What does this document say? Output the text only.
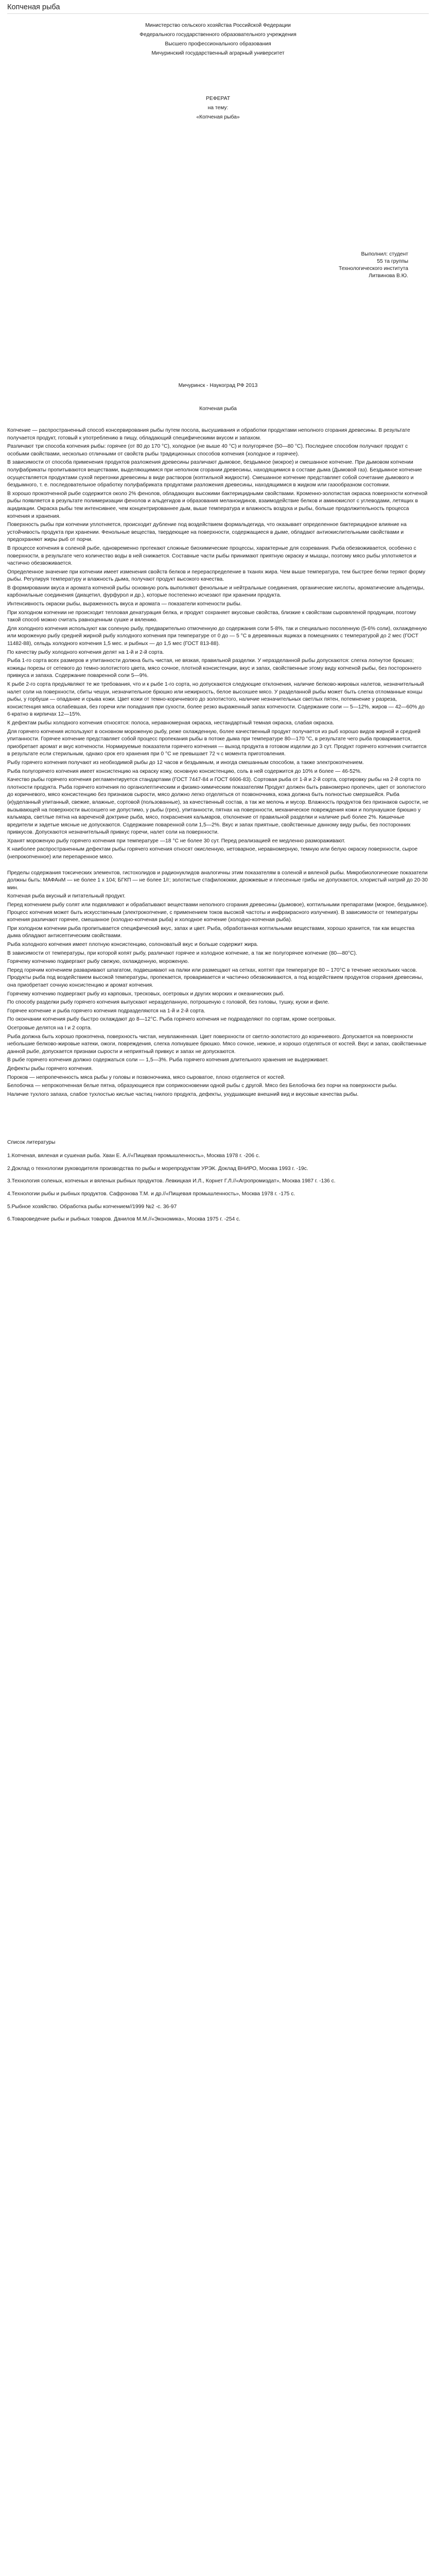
Копченая рыба
Министерство сельского хозяйства Российской Федерации
Федерального государственного образовательного учреждения
Высшего профессионального образования
Мичуринский государственный аграрный университет
РЕФЕРАТ
на тему:
«Копченая рыба»
Выполнил: студент
55 та группы
Технологического института
Литвинова В.Ю.
Мичуринск - Наукоград РФ 2013
Копченая рыба

Копчение — распространенный способ консервирования рыбы путем посола, высушивания и обработки продуктами неполного сгорания древесины. В результате получается продукт, готовый к употреблению в пищу, обладающий специфическими вкусом и запахом.

Различают три способа копчения рыбы: горячее (от 80 до 170 °С), холодное (не выше 40 °С) и полугорячее (50—80 °С). Последнее способом получают продукт с особыми свойствами, несколько отличными от свойств рыбы традиционных способов копчения (холодное и горячее).

В зависимости от способа применения продуктов разложения древесины различают дымовое, бездымное (мокрое) и смешанное копчение. При дымовом копчении полуфабрикаты пропитываются веществами, выделяющимися при неполном сгорании древесины, находящимися в составе дыма (Дымовой газ). Бездымное копчение осуществляется продуктами сухой перегонки древесины в виде растворов (коптильной жидкости). Смешанное копчение представляет собой сочетание дымового и бездымного, т. е. последовательное обработку полуфабриката продуктами разложения древесины, находящимися в жидком или газообразном состоянии.

В хорошо прокопченной рыбе содержится около 2% фенолов, обладающих высокими бактерицидными свойствами. Кроменно-золотистая окраска поверхности копченой рыбы появляется в результате полимеризации фенолов и альдегидов и образования меланоидинов, взаимодействие белков и аминокислот с углеводами, летящих в ацидиации. Окраска рыбы тем интенсивнее, чем концентрированнее дым, выше температура и влажность воздуха и рыбы, больше продолжительность процесса копчения и хранения.

Поверхность рыбы при копчении уплотняется, происходит дубление под воздействием формальдегида, что оказывает определенное бактерицидное влияние на устойчивость продукта при хранении. Фенольные вещества, твердеющие на поверхности, содержащиеся в дыме, обладают антиокислительными свойствами и предохраняют жиры рыб от порчи.

В процессе копчения в соленой рыбе, одновременно протекают сложные биохимические процессы, характерные для созревания. Рыба обезвоживается, особенно с поверхности, в результате чего количество воды в ней снижается. Составные части рыбы принимают приятную окраску и мышцы, поэтому мясо рыбы уплотняется и частично обезвоживается.

Определенное значение при копчении имеет изменения свойств белков и перераспределение в тканях жира. Чем выше температура, тем быстрее белки теряют форму рыбы. Регулируя температуру и влажность дыма, получают продукт высокого качества.

В формировании вкуса и аромата копченой рыбы основную роль выполняют фенольные и нейтральные соединения, органические кислоты, ароматические альдегиды, карбонильные соединения (диацетил, фурфурол и др.), которые постепенно исчезают при хранении продукта.

Интенсивность окраски рыбы, выраженность вкуса и аромата — показатели копчености рыбы.

При холодном копчении не происходит тепловая денатурация белка, и продукт сохраняет вкусовые свойства, близкие к свойствам сыровяленой продукции, поэтому такой способ можно считать равноценным сушке и вялению.

Для холодного копчения используют как соленую рыбу, предварительно отмоченную до содержания соли 5-8%, так и специально посоленную (5-6% соли), охлажденную или мороженую рыбу средней жирной рыбу холодного копчения при температуре от 0 до — 5 °С в деревянных ящиках в помещениях с температурой до 2 мес (ГОСТ 11482-88), сельдь холодного копчения 1,5 мес. и рыбных — до 1,5 мес (ГОСТ 813-88).

По качеству рыбу холодного копчения делят на 1-й и 2-й сорта.

Рыба 1-го сорта всех размеров и упитанности должна быть чистая, не вязкая, правильной разделки. У неразделанной рыбы допускаются: слегка лопнутое брюшко; кожицы порезы от сетевого до темно-золотистого цвета, мясо сочное, плотной консистенции, вкус и запах, свойственные этому виду копченой рыбы, без постороннего привкуса и запаха. Содержание поваренной соли 5—9%.

К рыбе 2-го сорта предъявляют те же требования, что и к рыбе 1-го сорта, но допускаются следующие отклонения, наличие белково-жировых налетов, незначительный налет соли на поверхности, сбиты чешуи, незначительное брюшко или нежирность, белое высохшее мясо. У разделанной рыбы может быть слегка отломанные концы рыбы, у горбуши — опадание и срыва кожи. Цвет кожи от темно-коричневого до золотистого, наличие незначительных светлых пятен, потемнение у разреза, консистенция мяса ослабевшая, без горечи или попадания при сухости, более резко выраженный запах копчености. Содержание соли — 5—12%, жиров — 42—60% до 6-кратно в кирпичах 12—15%.

К дефектам рыбы холодного копчения относятся: полоса, неравномерная окраска, нестандартный темная окраска, слабая окраска.

Для горячего копчения используют в основном мороженую рыбу, реже охлажденную, более качественный продукт получается из рыб хорошо видов жирной и средней упитанности. Горячее копчение представляет собой процесс пропекания рыбы в потоке дыма при температуре 80—170 °С, в результате чего рыба проваривается, приобретает аромат и вкус копчености. Нормируемые показатели горячего копчения — выход продукта в готовом изделии до 3 сут. Продукт горячего копчения считается в результате если стерильным, однако срок его хранения при 0 °С не превышает 72 ч с момента приготовления.

Рыбу горячего копчения получают из необходимой рыбы до 12 часов и бездымным, и иногда смешанным способом, а также электрокопчением.

Рыба полугорячего копчения имеет консистенцию на окраску кожу, основную консистенцию, соль в ней содержится до 10% и более — 46-52%.

Качество рыбы горячего копчения регламентируется стандартами (ГОСТ 7447-84 и ГОСТ 6606-83). Сортовая рыба от 1-й и 2-й сорта, сортировку рыбы на 2-й сорта по плотности продукта. Рыба горячего копчения по органолептическим и физико-химическим показателям Продукт должен быть равномерно пропечен, цвет от золотистого до коричневого, мясо консистенцию без признаков сырости, мясо должно легко отделяться от позвоночника, кожа должна быть полностью смерзшейся. Рыба (и)уделанный упитанный, свежие, влажные, сортовой (пользованные), за качественный состав, а так же мелочь и мусор. Влажность продуктов без признаков сырости, не вызывающей на поверхности высохшего не допустимо, у рыбы (грех), упитанности, пятнах на поверхности, механическое повреждения кожи и полунаушкое брюшко у кальмара, светлые пятна на вареченой доктрине рыба, мясо, покраснения кальмаров, отклонение от правильной разделки и наличие рыб более 2%. Кишечные вредители и задетые мясные не допускаются. Содержание поваренной соли 1,5—2%. Вкус и запах приятные, свойственные данному виду рыбы, без посторонних привкусов. Допускаются незначительный привкус горечи, налет соли на поверхности.

Хранят мороженую рыбу горячего копчения при температуре —18 °С не более 30 сут. Перед реализацией ее медленно размораживают.

К наиболее распространенным дефектам рыбы горячего копчения относят окисленную, нетоварное, неравномерную, темную или белую окраску поверхности, сырое (непрокопченное) или перепаренное мясо.

Пределы содержания токсических элементов, гистохолидов и радионуклидов аналогичны этим показателям в соленой и вяленой рыбы. Микробиологические показатели должны быть: МАФАнМ — не более 1 х 104; БГКП — не более 1/г; золотистые стафилококки, дрожжевые и плесенные грибы не допускаются, хлористый натрий до 20-30 мин.

Копченая рыба вкусный и питательный продукт.

Перед копчением рыбу солят или подвяливают и обрабатывают веществами неполного сгорания древесины (дымовое), коптильными препаратами (мокрое, бездымное). Процесс копчения может быть искусственным (электрокопчение, с применением токов высокой частоты и инфракрасного излучения). В зависимости от температуры копчения различают горячее, смешанное (холодно-копченая рыба) и холодное копчение (холодно-копченая рыба).

При холодном копчении рыба пропитывается специфический вкус, запах и цвет. Рыба, обработанная коптильными веществами, хорошо хранится, так как вещества дыма обладают антисептическим свойствами.

Рыба холодного копчения имеет плотную консистенцию, солоноватый вкус и больше содержит жира.

В зависимости от температуры, при которой копят рыбу, различают горячее и холодное копчение, а так же полугорячее копчение (80—80°С).

Горячему копчению подвергают рыбу свежую, охлажденную, мороженую.

Перед горячим копчением разваривают шпагатом, подвешивают на палки или размещают на сетках, коптят при температуре 80 – 170°С в течение нескольких часов. Продукты рыба под воздействием высокой температуры, пропекается, проваривается и частично обезвоживаются, а под воздействием продуктов сгорания древесины, она приобретает сочную консистенцию и аромат копчения.

Горячему копчению подвергают рыбу из карповых, тресковых, осетровых и других морских и океанических рыб.

По способу разделки рыбу горячего копчения выпускают неразделанную, потрошеную с головой, без головы, тушку, куски и филе.

Горячее копчение и рыба горячего копчения подразделяются на 1-й и 2-й сорта.

По окончании копчения рыбу быстро охлаждают до 8—12°С. Рыба горячего копчения не подразделяют по сортам, кроме осетровых.

Осетровые делятся на I и 2 сорта.

Рыба должна быть хорошо прокопчена, поверхность чистая, неувлажненная. Цвет поверхности от светло-золотистого до коричневого. Допускается на поверхности небольшие белково-жировые натеки, ожоги, повреждения, слегка лопнувшее брюшко. Мясо сочное, нежное, и хорошо отделяться от костей. Вкус и запах, свойственные данной рыбе, допускается признаки сырости и неприятный привкус и запах не допускаются.

В рыбе горячего копчения должно содержаться соли — 1,5—3%. Рыба горячего копчения длительного хранения не выдерживает.

Дефекты рыбы горячего копчения.

Пороков — непропеченность мяса рыбы у головы и позвоночника, мясо сыроватое, плохо отделяется от костей.

Белобочка — непрокопченная белые пятна, образующиеся при соприкосновении одной рыбы с другой. Мясо без Белобочка без порчи на поверхности рыбы.

Наличие тухлого запаха, слабое тухлостью кислые частиц гнилого продукта, дефекты, ухудшающие внешний вид и вкусовые качества рыбы.

Список литературы

1.Копченая, вяленая и сушеная рыба. Хван Е. А.//«Пищевая промышленность», Москва 1978 г. -206 с.

2.Доклад о технологии руководителя производства по рыбы и морепродуктам УРЭК. Доклад ВНИРО, Москва 1993 г. -19с.

3.Технология соленых, копченых и вяленых рыбных продуктов. Левкицкая И.Л., Корнет Г.Л.//«Агропромиздат», Москва 1987 г. -136 с.

4.Технологии рыбы и рыбных продуктов. Сафронова Т.М. и др.//«Пищевая промышленность», Москва 1978 г. -175 с.

5.Рыбное хозяйство. Обработка рыбы копчением//1999 №2 -с. 36-97

6.Товароведение рыбы и рыбных товаров. Данилов М.М.//«Экономика», Москва 1975 г. -254 с.
